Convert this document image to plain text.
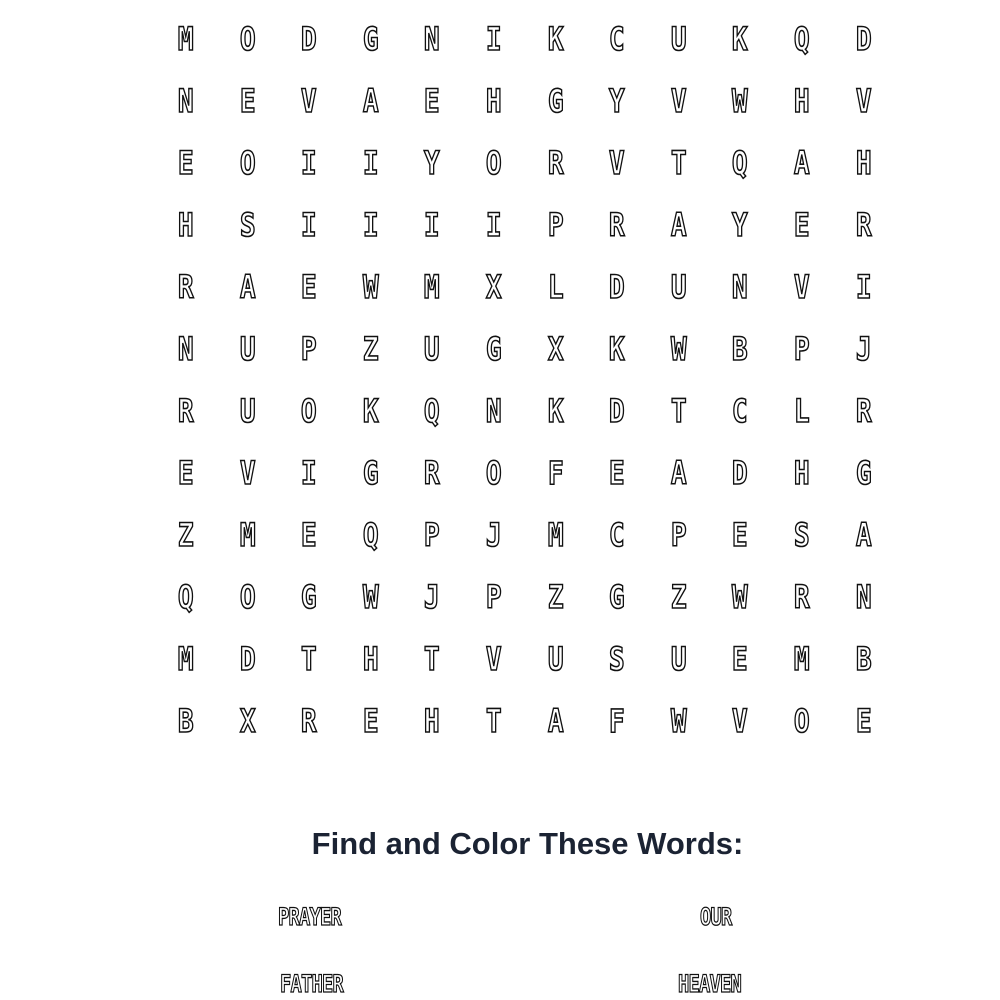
M	O	D	G	N	I	K	C	U	K	Q	D
N	E	V	A	E	H	G	Y	V	W	H	V
E	O	I	I	Y	O	R	V	T	Q	A	H
H	S	I	I	I	I	P	R	A	Y	E	R
R	A	E	W	M	X	L	D	U	N	V	I
N	U	P	Z	U	G	X	K	W	B	P	J
R	U	O	K	Q	N	K	D	T	C	L	R
E	V	I	G	R	O	F	E	A	D	H	G
Z	M	E	Q	P	J	M	C	P	E	S	A
Q	O	G	W	J	P	Z	G	Z	W	R	N
M	D	T	H	T	V	U	S	U	E	M	B
B	X	R	E	H	T	A	F	W	V	O	E
Find and Color These Words:
PRAYER	OUR
FATHER	HEAVEN
